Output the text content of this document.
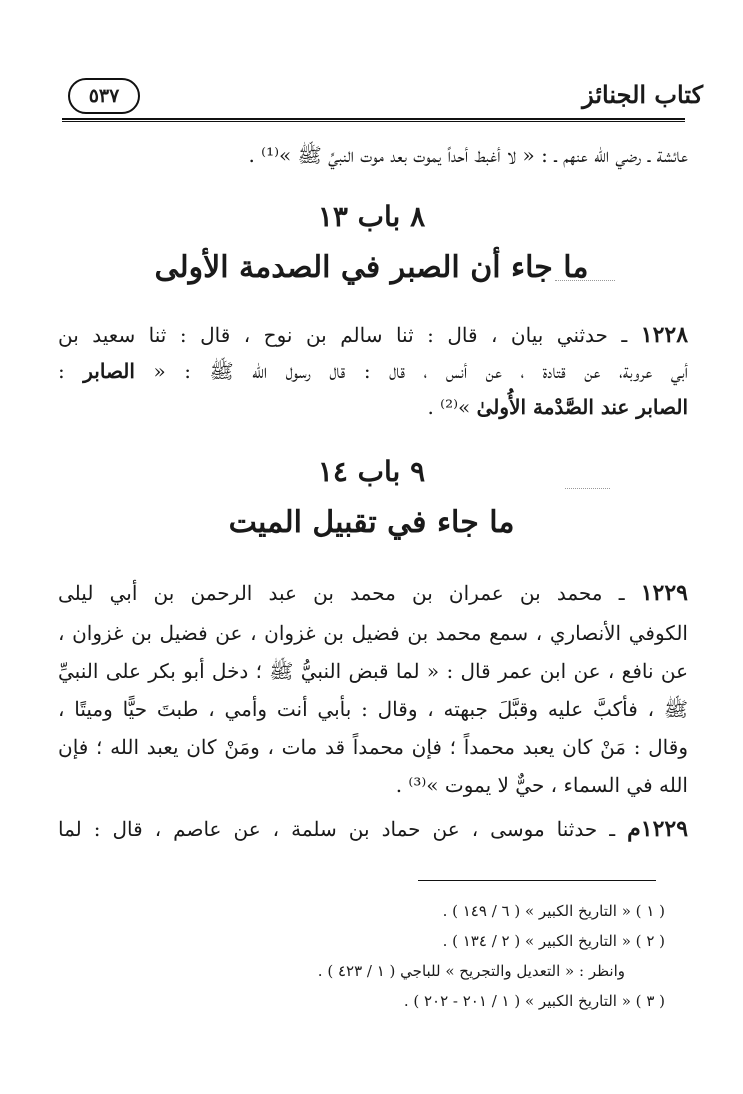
كتاب الجنائز
٥٣٧
عائشة ـ رضي الله عنهم ـ : « لا أغبط أحداً يموت بعد موت النبيِّ ﷺ »⁽¹⁾ .
٨ باب ١٣
ما جاء أن الصبر في الصدمة الأولى
١٢٢٨ ـ حدثني بيان ، قال : ثنا سالم بن نوح ، قال : ثنا سعيد بن
أبي عروبة، عن قتادة ، عن أنس ، قال : قال رسول الله ﷺ : « الصابر :
الصابر عند الصَّدْمة الأُولىٰ »⁽²⁾ .
٩ باب ١٤
ما جاء في تقبيل الميت
١٢٢٩ ـ محمد بن عمران بن محمد بن عبد الرحمن بن أبي ليلى
الكوفي الأنصاري ، سمع محمد بن فضيل بن غزوان ، عن فضيل بن غزوان ،
عن نافع ، عن ابن عمر قال : « لما قبض النبيُّ ﷺ ؛ دخل أبو بكر على النبيِّ
ﷺ ، فأكبَّ عليه وقبَّلَ جبهته ، وقال : بأبي أنت وأمي ، طبتَ حيًّا وميتًا ،
وقال : مَنْ كان يعبد محمداً ؛ فإن محمداً قد مات ، ومَنْ كان يعبد الله ؛ فإن
الله في السماء ، حيٌّ لا يموت »⁽³⁾ .
١٢٢٩م ـ حدثنا موسى ، عن حماد بن سلمة ، عن عاصم ، قال : لما
( ١ ) « التاريخ الكبير » ( ٦ / ١٤٩ ) .
( ٢ ) « التاريخ الكبير » ( ٢ / ١٣٤ ) .
وانظر : « التعديل والتجريح » للباجي ( ١ / ٤٢٣ ) .
( ٣ ) « التاريخ الكبير » ( ١ / ٢٠١ - ٢٠٢ ) .
